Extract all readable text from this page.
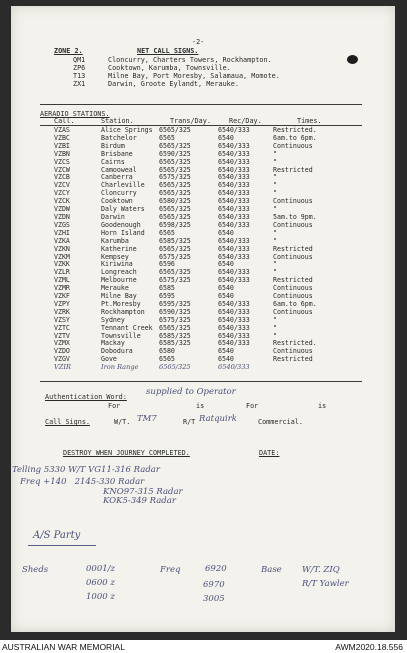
-2-
ZONE 2.	NET CALL SIGNS.
QM1	Cloncurry, Charters Towers, Rockhampton.
ZP6	Cooktown, Karumba, Townsville.
T13	Milne Bay, Port Moresby, Salamaua, Momote.
ZX1	Darwin, Groote Eylandt, Merauke.
AERADIO STATIONS.
Call.	Station.	Trans/Day.	Rec/Day.	Times.
VZAS	Alice Springs	6565/325	6540/333	Restricted.
VZBC	Batchelor	6565	6540	6am.to 6pm.
VZBI	Birdum	6565/325	6540/333	Continuous
VZBN	Brisbane	6590/325	6540/333	"
VZCS	Cairns	6565/325	6540/333	"
VZCW	Camooweal	6565/325	6540/333	Restricted
VZCB	Canberra	6575/325	6540/333	"
VZCV	Charleville	6565/325	6540/333	"
VZCY	Cloncurry	6565/325	6540/333	"
VZCK	Cooktown	6580/325	6540/333	Continuous
VZDW	Daly Waters	6565/325	6540/333	"
VZDN	Darwin	6565/325	6540/333	5am.to 9pm.
VZGS	Goodenough	6598/325	6540/333	Continuous
VZHI	Horn Island	6565	6540	"
VZKA	Karumba	6585/325	6540/333	"
VZKN	Katherine	6565/325	6540/333	Restricted
VZKM	Kempsey	6575/325	6540/333	Continuous
VZKK	Kiriwina	6596	6540	"
VZLR	Longreach	6565/325	6540/333	"
VZML	Melbourne	6575/325	6540/333	Restricted
VZMR	Merauke	6585	6540	Continuous
VZKF	Milne Bay	6595	6540	Continuous
VZPY	Pt.Moresby	6595/325	6540/333	6am.to 6pm.
VZRK	Rockhampton	6590/325	6540/333	Continuous
VZSY	Sydney	6575/325	6540/333	"
VZTC	Tennant Creek	6565/325	6540/333	"
VZTV	Townsville	6585/325	6540/333	"
VZMX	Mackay	6585/325	6540/333	Restricted.
VZDO	Dobodura	6580	6540	Continuous
VZGV	Gove	6565	6540	Restricted
VZIR	Iron Range	6565/325	6540/333	
Authentication Word: supplied to Operator
For	is	For	is
Call Signs.	W/T. TM7	R/T Ratquirk	Commercial.
DESTROY WHEN JOURNEY COMPLETED.	DATE:
Telling 5330 W/T VG11-316 Radar
Freq +140   2145-330 Radar
KNO97-315 Radar
KOK5-349 Radar
A/S Party
Sheds	0001/z
0600 z
1000 z
Freq	6920
6970
3005
Base W/T. ZIQ
R/T Yawler
AUSTRALIAN WAR MEMORIAL	AWM2020.18.556
